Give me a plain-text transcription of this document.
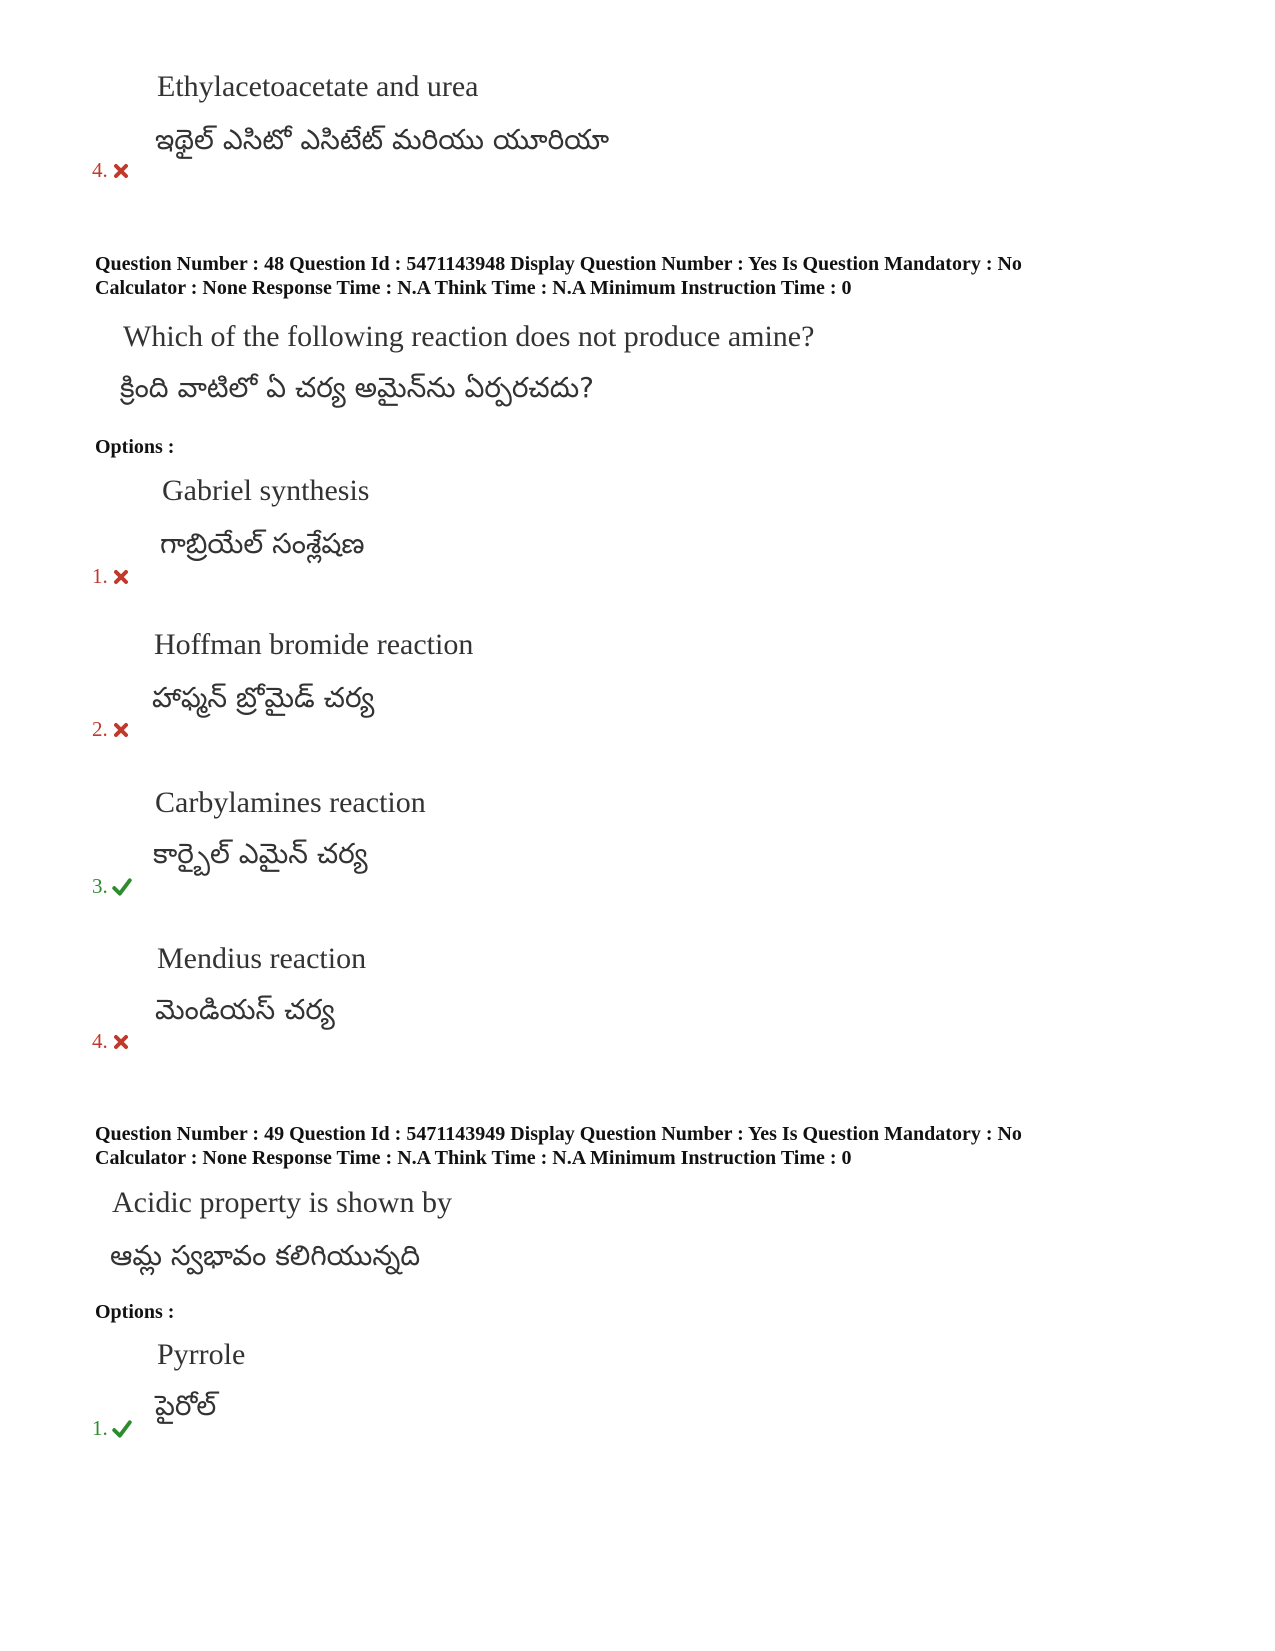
Ethylacetoacetate and urea
ఇథైల్ ఎసిటో ఎసిటేట్ మరియు యూరియా
4.
Question Number : 48 Question Id : 5471143948 Display Question Number : Yes Is Question Mandatory : No
Calculator : None Response Time : N.A Think Time : N.A Minimum Instruction Time : 0
Which of the following reaction does not produce amine?
క్రింది వాటిలో ఏ చర్య అమైన్‌ను ఏర్పరచదు?
Options :
Gabriel synthesis
గాబ్రియేల్ సంశ్లేషణ
1.
Hoffman bromide reaction
హాఫ్మన్ బ్రోమైడ్ చర్య
2.
Carbylamines reaction
కార్బైల్ ఎమైన్ చర్య
3.
Mendius reaction
మెండియస్ చర్య
4.
Question Number : 49 Question Id : 5471143949 Display Question Number : Yes Is Question Mandatory : No
Calculator : None Response Time : N.A Think Time : N.A Minimum Instruction Time : 0
Acidic property is shown by
ఆమ్ల స్వభావం కలిగియున్నది
Options :
Pyrrole
పైరోల్
1.
